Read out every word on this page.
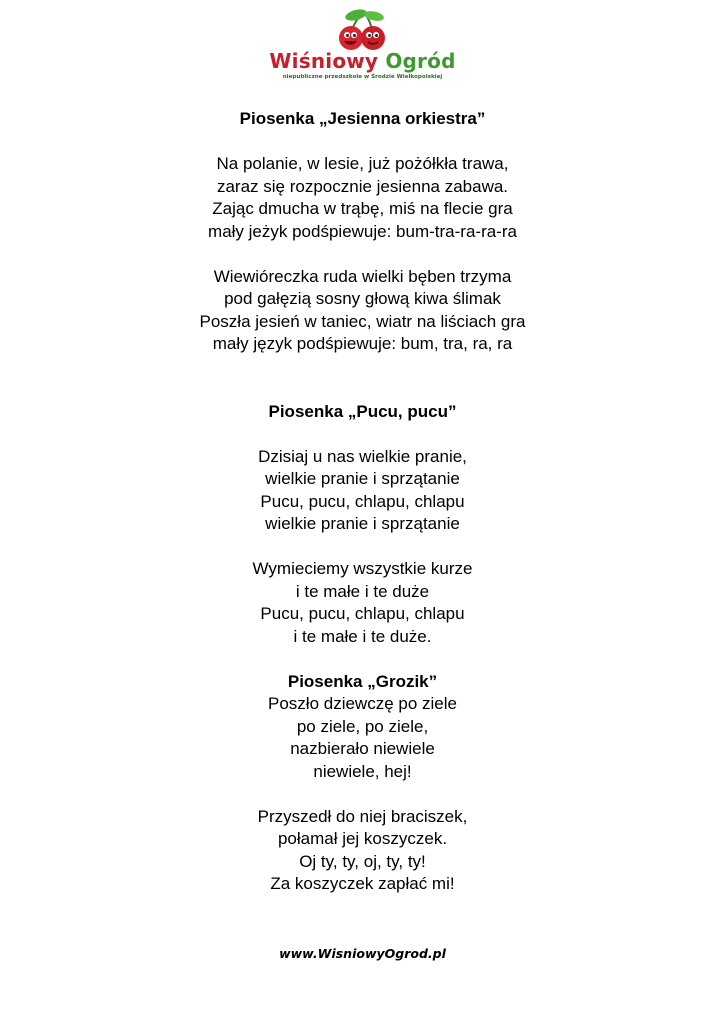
Wiśniowy Ogród
niepubliczne przedszkole w Środzie Wielkopolskiej

Piosenka „Jesienna orkiestra”

Na polanie, w lesie, już pożółkła trawa,
zaraz się rozpocznie jesienna zabawa.
Zając dmucha w trąbę, miś na flecie gra
mały jeżyk podśpiewuje: bum-tra-ra-ra-ra

Wiewióreczka ruda wielki bęben trzyma
pod gałęzią sosny głową kiwa ślimak
Poszła jesień w taniec, wiatr na liściach gra
mały język podśpiewuje: bum, tra, ra, ra

Piosenka „Pucu, pucu”

Dzisiaj u nas wielkie pranie,
wielkie pranie i sprzątanie
Pucu, pucu, chlapu, chlapu
wielkie pranie i sprzątanie

Wymieciemy wszystkie kurze
i te małe i te duże
Pucu, pucu, chlapu, chlapu
i te małe i te duże.

Piosenka „Grozik”

Poszło dziewczę po ziele
po ziele, po ziele,
nazbierało niewiele
niewiele, hej!

Przyszedł do niej braciszek,
połamał jej koszyczek.
Oj ty, ty, oj, ty, ty!
Za koszyczek zapłać mi!

www.WisniowyOgrod.pl
